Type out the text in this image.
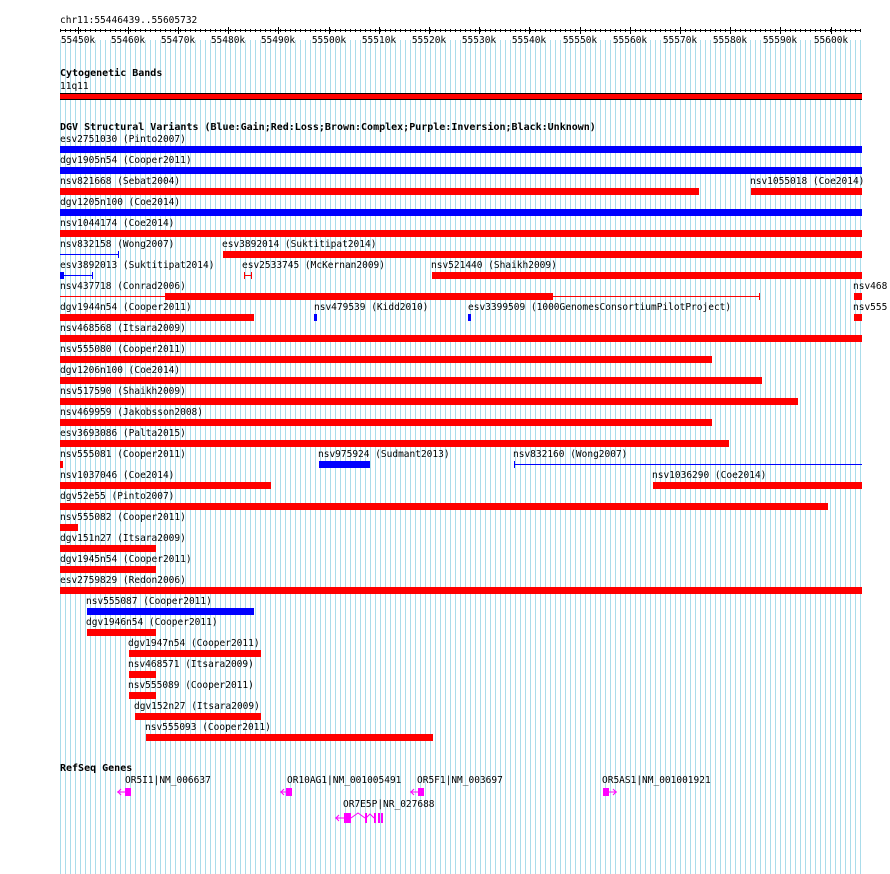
chr11:55446439..55605732
55450k 55460k 55470k 55480k 55490k 55500k 55510k 55520k 55530k 55540k 55550k 55560k 55570k 55580k 55590k 55600k
Cytogenetic Bands
11q11
DGV Structural Variants (Blue:Gain;Red:Loss;Brown:Complex;Purple:Inversion;Black:Unknown)
esv2751030 (Pinto2007)
dgv1905n54 (Cooper2011)
nsv821668 (Sebat2004)	nsv1055018 (Coe2014)
dgv1205n100 (Coe2014)
nsv1044174 (Coe2014)
nsv832158 (Wong2007)	esv3892014 (Suktitipat2014)
esv3892013 (Suktitipat2014)	esv2533745 (McKernan2009)	nsv521440 (Shaikh2009)
nsv437718 (Conrad2006)	nsv468
dgv1944n54 (Cooper2011)	nsv479539 (Kidd2010)	esv3399509 (1000GenomesConsortiumPilotProject)	nsv555
nsv468568 (Itsara2009)
nsv555080 (Cooper2011)
dgv1206n100 (Coe2014)
nsv517590 (Shaikh2009)
nsv469959 (Jakobsson2008)
esv3693086 (Palta2015)
nsv555081 (Cooper2011)	nsv975924 (Sudmant2013)	nsv832160 (Wong2007)
nsv1037046 (Coe2014)	nsv1036290 (Coe2014)
dgv52e55 (Pinto2007)
nsv555082 (Cooper2011)
dgv151n27 (Itsara2009)
dgv1945n54 (Cooper2011)
esv2759829 (Redon2006)
nsv555087 (Cooper2011)
dgv1946n54 (Cooper2011)
dgv1947n54 (Cooper2011)
nsv468571 (Itsara2009)
nsv555089 (Cooper2011)
dgv152n27 (Itsara2009)
nsv555093 (Cooper2011)
RefSeq Genes
OR5I1|NM_006637	OR10AG1|NM_001005491 OR5F1|NM_003697	OR5AS1|NM_001001921
OR7E5P|NR_027688
